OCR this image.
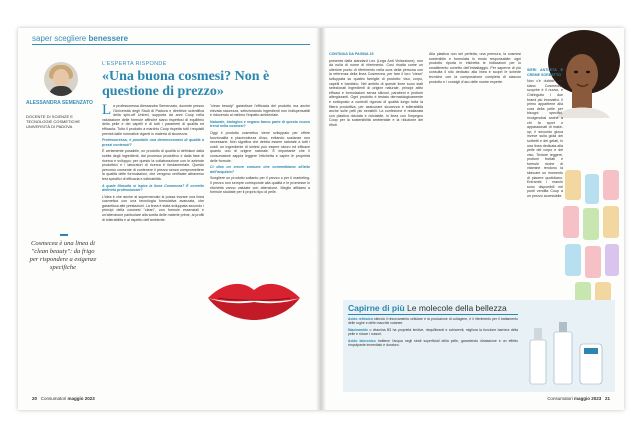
saper scegliere benessere
ALESSANDRA SEMENZATO
DOCENTE DI SCIENZE E TECNOLOGIE COSMETICHE UNIVERSITÀ DI PADOVA
L'ESPERTA RISPONDE
«Una buona cosmesi? Non è questione di prezzo»

La professoressa Alessandra Semenzato, docente presso l'Università degli Studi di Padova e direttrice scientifica della spin-off Unired, supporta da anni Coop nella valutazione delle formule affinché siano rispettosi di equilibrio della pelle e dei capelli e di tutti i parametri di qualità ed efficacia. Tutto il prodotto a marchio Coop rispetta tutti i requisiti previsti dalle normative vigenti in materia di sicurezza.

Professoressa, è possibile una dermocosmesi di qualità a prezzi contenuti?

È certamente possibile, un prodotto di qualità si definisce dalla scelta degli ingredienti, dal processo produttivo e dalla fase di ricerca e sviluppo: per questo la collaborazione con le aziende produttrici e i laboratori di ricerca è fondamentale. Questo percorso consente di contenere il prezzo senza compromettere la qualità delle formulazioni, che vengono verificate attraverso test specifici di efficacia e tollerabilità.

A quale filosofia si ispira la linea Cosmecea? È corretto definirla professionale?

L'idea è che anche al supermercato si possa trovare una linea cosmetica con una tecnologia formulativa avanzata, che garantisca alte prestazioni. La linea è stata sviluppata secondo i principi della cosmesi "clean", con formule essenziali e un'attenzione particolare alla scelta delle materie prime, ai profili di tollerabilità e al rispetto dell'ambiente.

"clean beauty" garantisce l'efficacia del prodotto ma anche elevata sicurezza, selezionando ingredienti non indispensabili e riducendo al minimo l'impatto ambientale.

Naturale, biologico e vegano fanno parte di questo nuovo trend nella cosmesi?

Oggi il prodotto cosmetico viene sviluppato per offrire funzionalità e piacevolezza d'uso, evitando sostanze non necessarie. Non significa che debba essere naturale a tutti i costi: un ingrediente di sintesi può essere sicuro ed efficace quanto uno di origine naturale. È importante che il consumatore sappia leggere l'etichetta e capire le proprietà delle formule.

Ci dica un errore comune che commettiamo all'atto dell'acquisto?

Scegliere un prodotto soltanto per il prezzo o per il marketing. Il prezzo non sempre corrisponde alla qualità e le promesse in etichetta vanno valutate con attenzione. Meglio affidarsi a formule studiate per il proprio tipo di pelle.

Cosmecea è una linea di "clean beauty": da frigo per rispondere a esigenze specifiche
20 Consumatori maggio 2023

CONTINUA DA PAGINA 19

presenta dalla standard Leo (Lega Anti Vivisezione), non dà nulla di nome di riferimento. Così risalta come un ulteriore punto di riferimento nella cura della persona con la referenza della linea Cosmecea, per fare il loro "clean" sviluppata su quattro famiglie di prodotto: viso, corpo, capelli e bambino. Nel ambito di queste linee sono stati selezionati ingredienti di origine naturale, principi attivi efficaci e formulazioni senza siliconi, parabeni e profumi allergizzanti. Ogni prodotto è testato dermatologicamente e sottoposto a controlli rigorosi di qualità lungo tutta la filiera produttiva, per assicurare sicurezza e tollerabilità anche sulle pelli più sensibili. La confezione è realizzata con plastica riciclata e riciclabile, in linea con l'impegno Coop per la sostenibilità ambientale e la riduzione dei rifiuti.

Alla plastica non sei perfetta, una premura, la cosmesi sostenibile e formulata in modo responsabile: ogni prodotto riporta in etichetta le indicazioni per lo smaltimento corretto dell'imballaggio. Per saperne di più consulta il sito dedicato alla linea e scopri le schede tecniche con la composizione completa di ciascun prodotto e i consigli d'uso delle nostre esperte.

SIERI ANTI-ETÀ E CREME SORBETTO

Non c'è dubbio che siano Cosmecea, scoprire è il nuovo, e Chiringuito i due brand più innovativi. Il primo appartiene alla cura della pelle per bisogni specifici, rivolgendosi anche a chi fa sport o appassionati di make-up; il secondo gioca invece sulla gioia dei sorbetti e dei gelati, in una linea dedicata alla pelle del corpo e del viso. Texture leggere, profumi fruttati e formule ricche di vitamine rendono la skincare un momento di piacere quotidiano. Entrambi i marchi sono disponibili nei punti vendita Coop a un prezzo accessibile.

Consumatori maggio 2023 21
Capirne di più Le molecole della bellezza

Acido retinoico stimola il rinnovamento cellulare e la produzione di collagene, è il riferimento per il trattamento delle rughe e delle macchie cutanee.

Niacinamide o vitamina B3 ha proprietà lenitive, riequilibranti e schiarenti, migliora la funzione barriera della pelle e riduce i rossori.

Acido ialuronico trattiene l'acqua negli strati superficiali della pelle, garantendo idratazione e un effetto rimpolpante immediato e duraturo.
